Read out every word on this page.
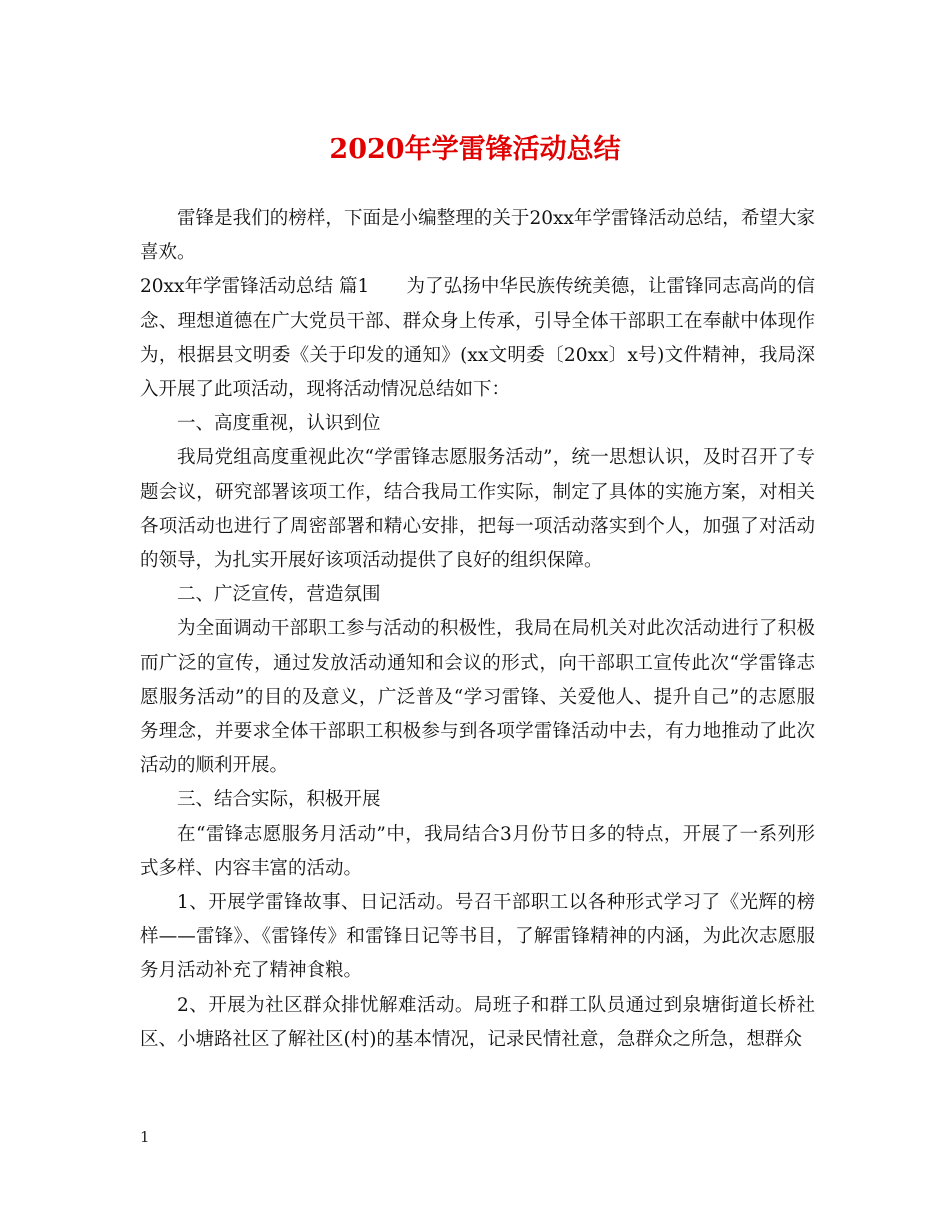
2020年学雷锋活动总结

雷锋是我们的榜样，下面是小编整理的关于20xx年学雷锋活动总结，希望大家喜欢。

20xx年学雷锋活动总结 篇1　　为了弘扬中华民族传统美德，让雷锋同志高尚的信念、理想道德在广大党员干部、群众身上传承，引导全体干部职工在奉献中体现作为，根据县文明委《关于印发的通知》(xx文明委〔20xx〕x号)文件精神，我局深入开展了此项活动，现将活动情况总结如下：

一、高度重视，认识到位

我局党组高度重视此次“学雷锋志愿服务活动”，统一思想认识，及时召开了专题会议，研究部署该项工作，结合我局工作实际，制定了具体的实施方案，对相关各项活动也进行了周密部署和精心安排，把每一项活动落实到个人，加强了对活动的领导，为扎实开展好该项活动提供了良好的组织保障。

二、广泛宣传，营造氛围

为全面调动干部职工参与活动的积极性，我局在局机关对此次活动进行了积极而广泛的宣传，通过发放活动通知和会议的形式，向干部职工宣传此次“学雷锋志愿服务活动”的目的及意义，广泛普及“学习雷锋、关爱他人、提升自己”的志愿服务理念，并要求全体干部职工积极参与到各项学雷锋活动中去，有力地推动了此次活动的顺利开展。

三、结合实际，积极开展

在“雷锋志愿服务月活动”中，我局结合3月份节日多的特点，开展了一系列形式多样、内容丰富的活动。

1、开展学雷锋故事、日记活动。号召干部职工以各种形式学习了《光辉的榜样——雷锋》、《雷锋传》和雷锋日记等书目，了解雷锋精神的内涵，为此次志愿服务月活动补充了精神食粮。

2、开展为社区群众排忧解难活动。局班子和群工队员通过到泉塘街道长桥社区、小塘路社区了解社区(村)的基本情况，记录民情社意，急群众之所急，想群众

1
